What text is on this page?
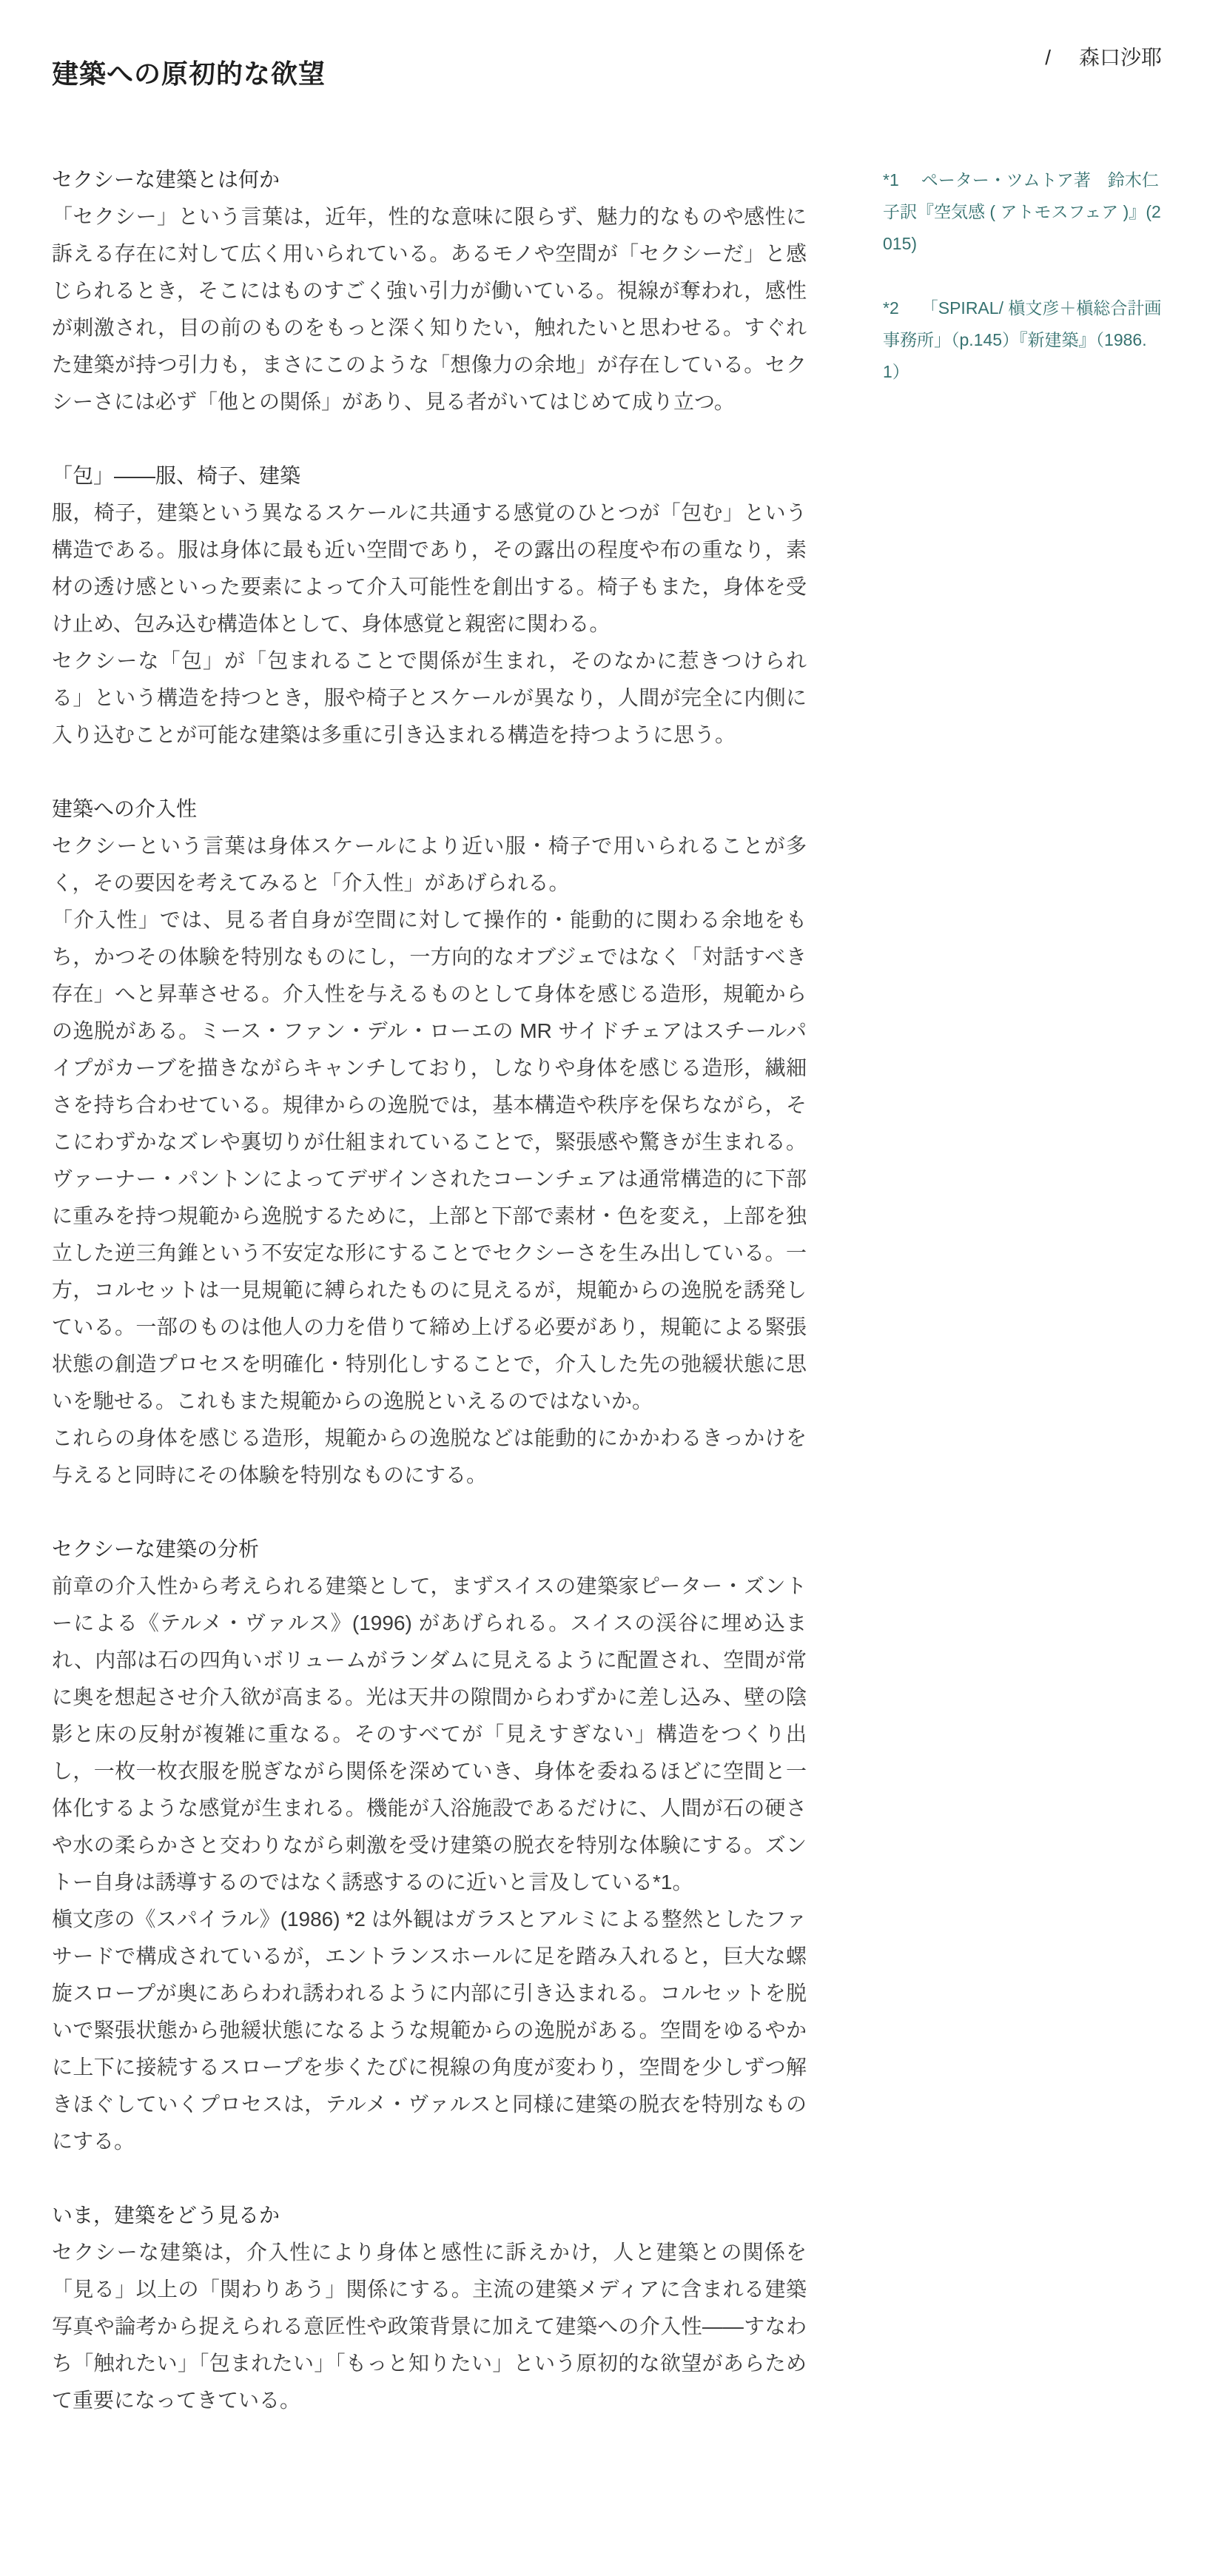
建築への原初的な欲望
/ 森口沙耶
セクシーな建築とは何か

「セクシー」という言葉は，近年，性的な意味に限らず、魅力的なものや感性に訴える存在に対して広く用いられている。あるモノや空間が「セクシーだ」と感じられるとき，そこにはものすごく強い引力が働いている。視線が奪われ，感性が刺激され，目の前のものをもっと深く知りたい，触れたいと思わせる。すぐれた建築が持つ引力も，まさにこのような「想像力の余地」が存在している。セクシーさには必ず「他との関係」があり、見る者がいてはじめて成り立つ。

「包」——服、椅子、建築

服，椅子，建築という異なるスケールに共通する感覚のひとつが「包む」という構造である。服は身体に最も近い空間であり，その露出の程度や布の重なり，素材の透け感といった要素によって介入可能性を創出する。椅子もまた，身体を受け止め、包み込む構造体として、身体感覚と親密に関わる。

セクシーな「包」が「包まれることで関係が生まれ，そのなかに惹きつけられる」という構造を持つとき，服や椅子とスケールが異なり，人間が完全に内側に入り込むことが可能な建築は多重に引き込まれる構造を持つように思う。

建築への介入性

セクシーという言葉は身体スケールにより近い服・椅子で用いられることが多く，その要因を考えてみると「介入性」があげられる。

「介入性」では、見る者自身が空間に対して操作的・能動的に関わる余地をもち，かつその体験を特別なものにし，一方向的なオブジェではなく「対話すべき存在」へと昇華させる。介入性を与えるものとして身体を感じる造形，規範からの逸脱がある。ミース・ファン・デル・ローエの MR サイドチェアはスチールパイプがカーブを描きながらキャンチしており，しなりや身体を感じる造形，繊細さを持ち合わせている。規律からの逸脱では，基本構造や秩序を保ちながら，そこにわずかなズレや裏切りが仕組まれていることで，緊張感や驚きが生まれる。ヴァーナー・パントンによってデザインされたコーンチェアは通常構造的に下部に重みを持つ規範から逸脱するために，上部と下部で素材・色を変え，上部を独立した逆三角錐という不安定な形にすることでセクシーさを生み出している。一方，コルセットは一見規範に縛られたものに見えるが，規範からの逸脱を誘発している。一部のものは他人の力を借りて締め上げる必要があり，規範による緊張状態の創造プロセスを明確化・特別化しすることで，介入した先の弛緩状態に思いを馳せる。これもまた規範からの逸脱といえるのではないか。

これらの身体を感じる造形，規範からの逸脱などは能動的にかかわるきっかけを与えると同時にその体験を特別なものにする。

セクシーな建築の分析

前章の介入性から考えられる建築として，まずスイスの建築家ピーター・ズントーによる《テルメ・ヴァルス》(1996) があげられる。スイスの渓谷に埋め込まれ、内部は石の四角いボリュームがランダムに見えるように配置され、空間が常に奥を想起させ介入欲が高まる。光は天井の隙間からわずかに差し込み、壁の陰影と床の反射が複雑に重なる。そのすべてが「見えすぎない」構造をつくり出し，一枚一枚衣服を脱ぎながら関係を深めていき、身体を委ねるほどに空間と一体化するような感覚が生まれる。機能が入浴施設であるだけに、人間が石の硬さや水の柔らかさと交わりながら刺激を受け建築の脱衣を特別な体験にする。ズントー自身は誘導するのではなく誘惑するのに近いと言及している*1。

槇文彦の《スパイラル》(1986) *2 は外観はガラスとアルミによる整然としたファサードで構成されているが，エントランスホールに足を踏み入れると，巨大な螺旋スロープが奥にあらわれ誘われるように内部に引き込まれる。コルセットを脱いで緊張状態から弛緩状態になるような規範からの逸脱がある。空間をゆるやかに上下に接続するスロープを歩くたびに視線の角度が変わり，空間を少しずつ解きほぐしていくプロセスは，テルメ・ヴァルスと同様に建築の脱衣を特別なものにする。

いま，建築をどう見るか

セクシーな建築は，介入性により身体と感性に訴えかけ，人と建築との関係を「見る」以上の「関わりあう」関係にする。主流の建築メディアに含まれる建築写真や論考から捉えられる意匠性や政策背景に加えて建築への介入性——すなわち「触れたい」「包まれたい」「もっと知りたい」という原初的な欲望があらためて重要になってきている。

*1 ペーター・ツムトア著　鈴木仁子訳『空気感 ( アトモスフェア )』(2015)

*2 「SPIRAL/ 槇文彦＋槇総合計画事務所」（p.145）『新建築』（1986.1）
